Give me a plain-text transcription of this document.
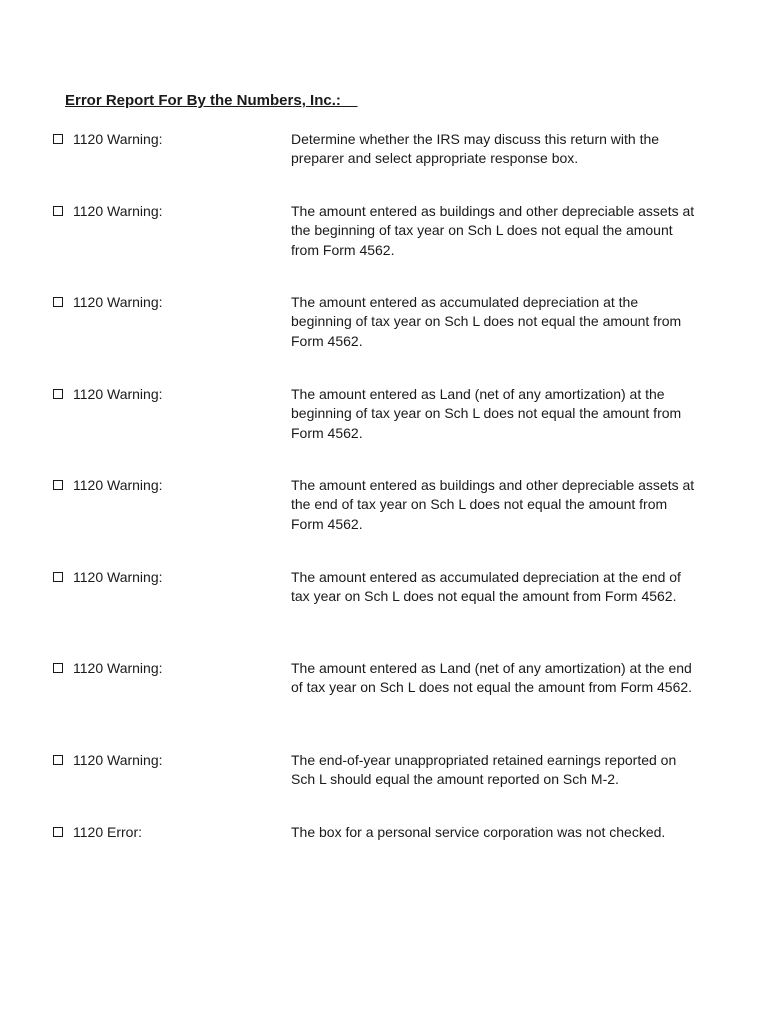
Error Report For By the Numbers, Inc.:
1120 Warning:	Determine whether the IRS may discuss this return with the preparer and select appropriate response box.
1120 Warning:	The amount entered as buildings and other depreciable assets at the beginning of tax year on Sch L does not equal the amount from Form 4562.
1120 Warning:	The amount entered as accumulated depreciation at the beginning of tax year on Sch L does not equal the amount from Form 4562.
1120 Warning:	The amount entered as Land (net of any amortization) at the beginning of tax year on Sch L does not equal the amount from Form 4562.
1120 Warning:	The amount entered as buildings and other depreciable assets at the end of tax year on Sch L does not equal the amount from Form 4562.
1120 Warning:	The amount entered as accumulated depreciation at the end of tax year on Sch L does not equal the amount from Form 4562.
1120 Warning:	The amount entered as Land (net of any amortization) at the end of tax year on Sch L does not equal the amount from Form 4562.
1120 Warning:	The end-of-year unappropriated retained earnings reported on Sch L should equal the amount reported on Sch M-2.
1120 Error:	The box for a personal service corporation was not checked.
